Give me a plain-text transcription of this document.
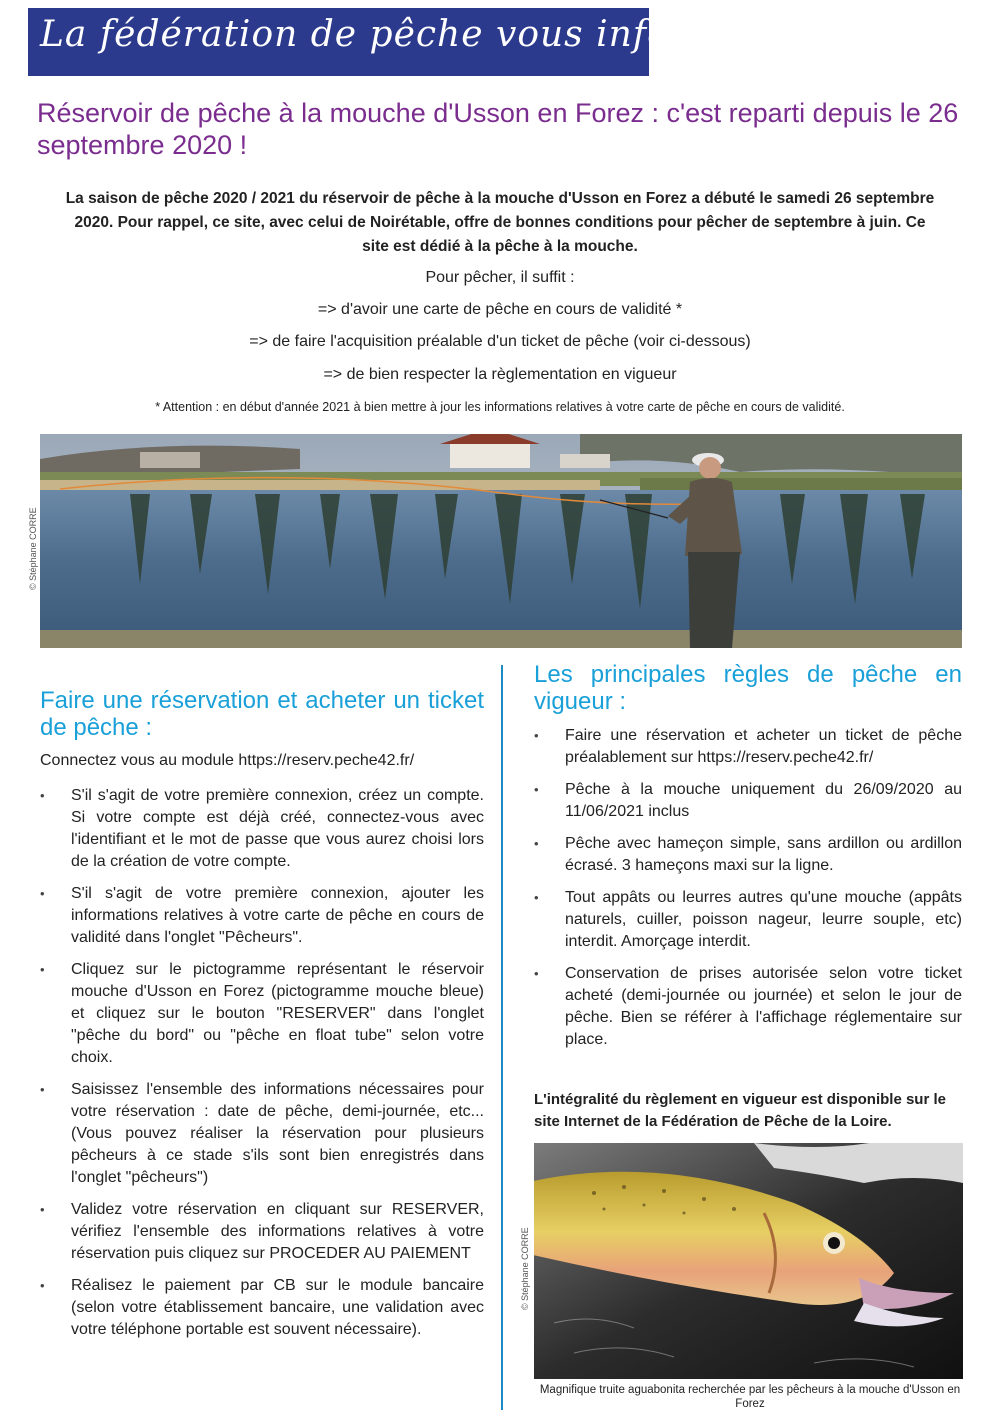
La fédération de pêche vous informe
Réservoir de pêche à la mouche d'Usson en Forez : c'est reparti depuis le 26 septembre 2020 !
La saison de pêche 2020 / 2021 du réservoir de pêche à la mouche d'Usson en Forez a débuté le samedi 26 septembre 2020. Pour rappel, ce site, avec celui de Noirétable, offre de bonnes conditions pour pêcher de septembre à juin. Ce site est dédié à la pêche à la mouche.
Pour pêcher, il suffit :
=> d'avoir une carte de pêche en cours de validité *
=> de faire l'acquisition préalable d'un ticket de pêche (voir ci-dessous)
=> de bien respecter la règlementation en vigueur
* Attention : en début d'année 2021 à bien mettre à jour les informations relatives à votre carte de pêche en cours de validité.
© Stéphane CORRE
Faire une réservation et acheter un ticket de pêche :
Connectez vous au module https://reserv.peche42.fr/
• S'il s'agit de votre première connexion, créez un compte. Si votre compte est déjà créé, connectez-vous avec l'identifiant et le mot de passe que vous aurez choisi lors de la création de votre compte.
• S'il s'agit de votre première connexion, ajouter les informations relatives à votre carte de pêche en cours de validité dans l'onglet "Pêcheurs".
• Cliquez sur le pictogramme représentant le réservoir mouche d'Usson en Forez (pictogramme mouche bleue) et cliquez sur le bouton "RESERVER" dans l'onglet "pêche du bord" ou "pêche en float tube" selon votre choix.
• Saisissez l'ensemble des informations nécessaires pour votre réservation : date de pêche, demi-journée, etc... (Vous pouvez réaliser la réservation pour plusieurs pêcheurs à ce stade s'ils sont bien enregistrés dans l'onglet "pêcheurs")
• Validez votre réservation en cliquant sur RESERVER, vérifiez l'ensemble des informations relatives à votre réservation puis cliquez sur PROCEDER AU PAIEMENT
• Réalisez le paiement par CB sur le module bancaire (selon votre établissement bancaire, une validation avec votre téléphone portable est souvent nécessaire).
Les principales règles de pêche en vigueur :
• Faire une réservation et acheter un ticket de pêche préalablement sur https://reserv.peche42.fr/
• Pêche à la mouche uniquement du 26/09/2020 au 11/06/2021 inclus
• Pêche avec hameçon simple, sans ardillon ou ardillon écrasé. 3 hameçons maxi sur la ligne.
• Tout appâts ou leurres autres qu'une mouche (appâts naturels, cuiller, poisson nageur, leurre souple, etc) interdit. Amorçage interdit.
• Conservation de prises autorisée selon votre ticket acheté (demi-journée ou journée) et selon le jour de pêche. Bien se référer à l'affichage réglementaire sur place.
L'intégralité du règlement en vigueur est disponible sur le site Internet de la Fédération de Pêche de la Loire.
© Stéphane CORRE
Magnifique truite aguabonita recherchée par les pêcheurs à la mouche d'Usson en Forez
